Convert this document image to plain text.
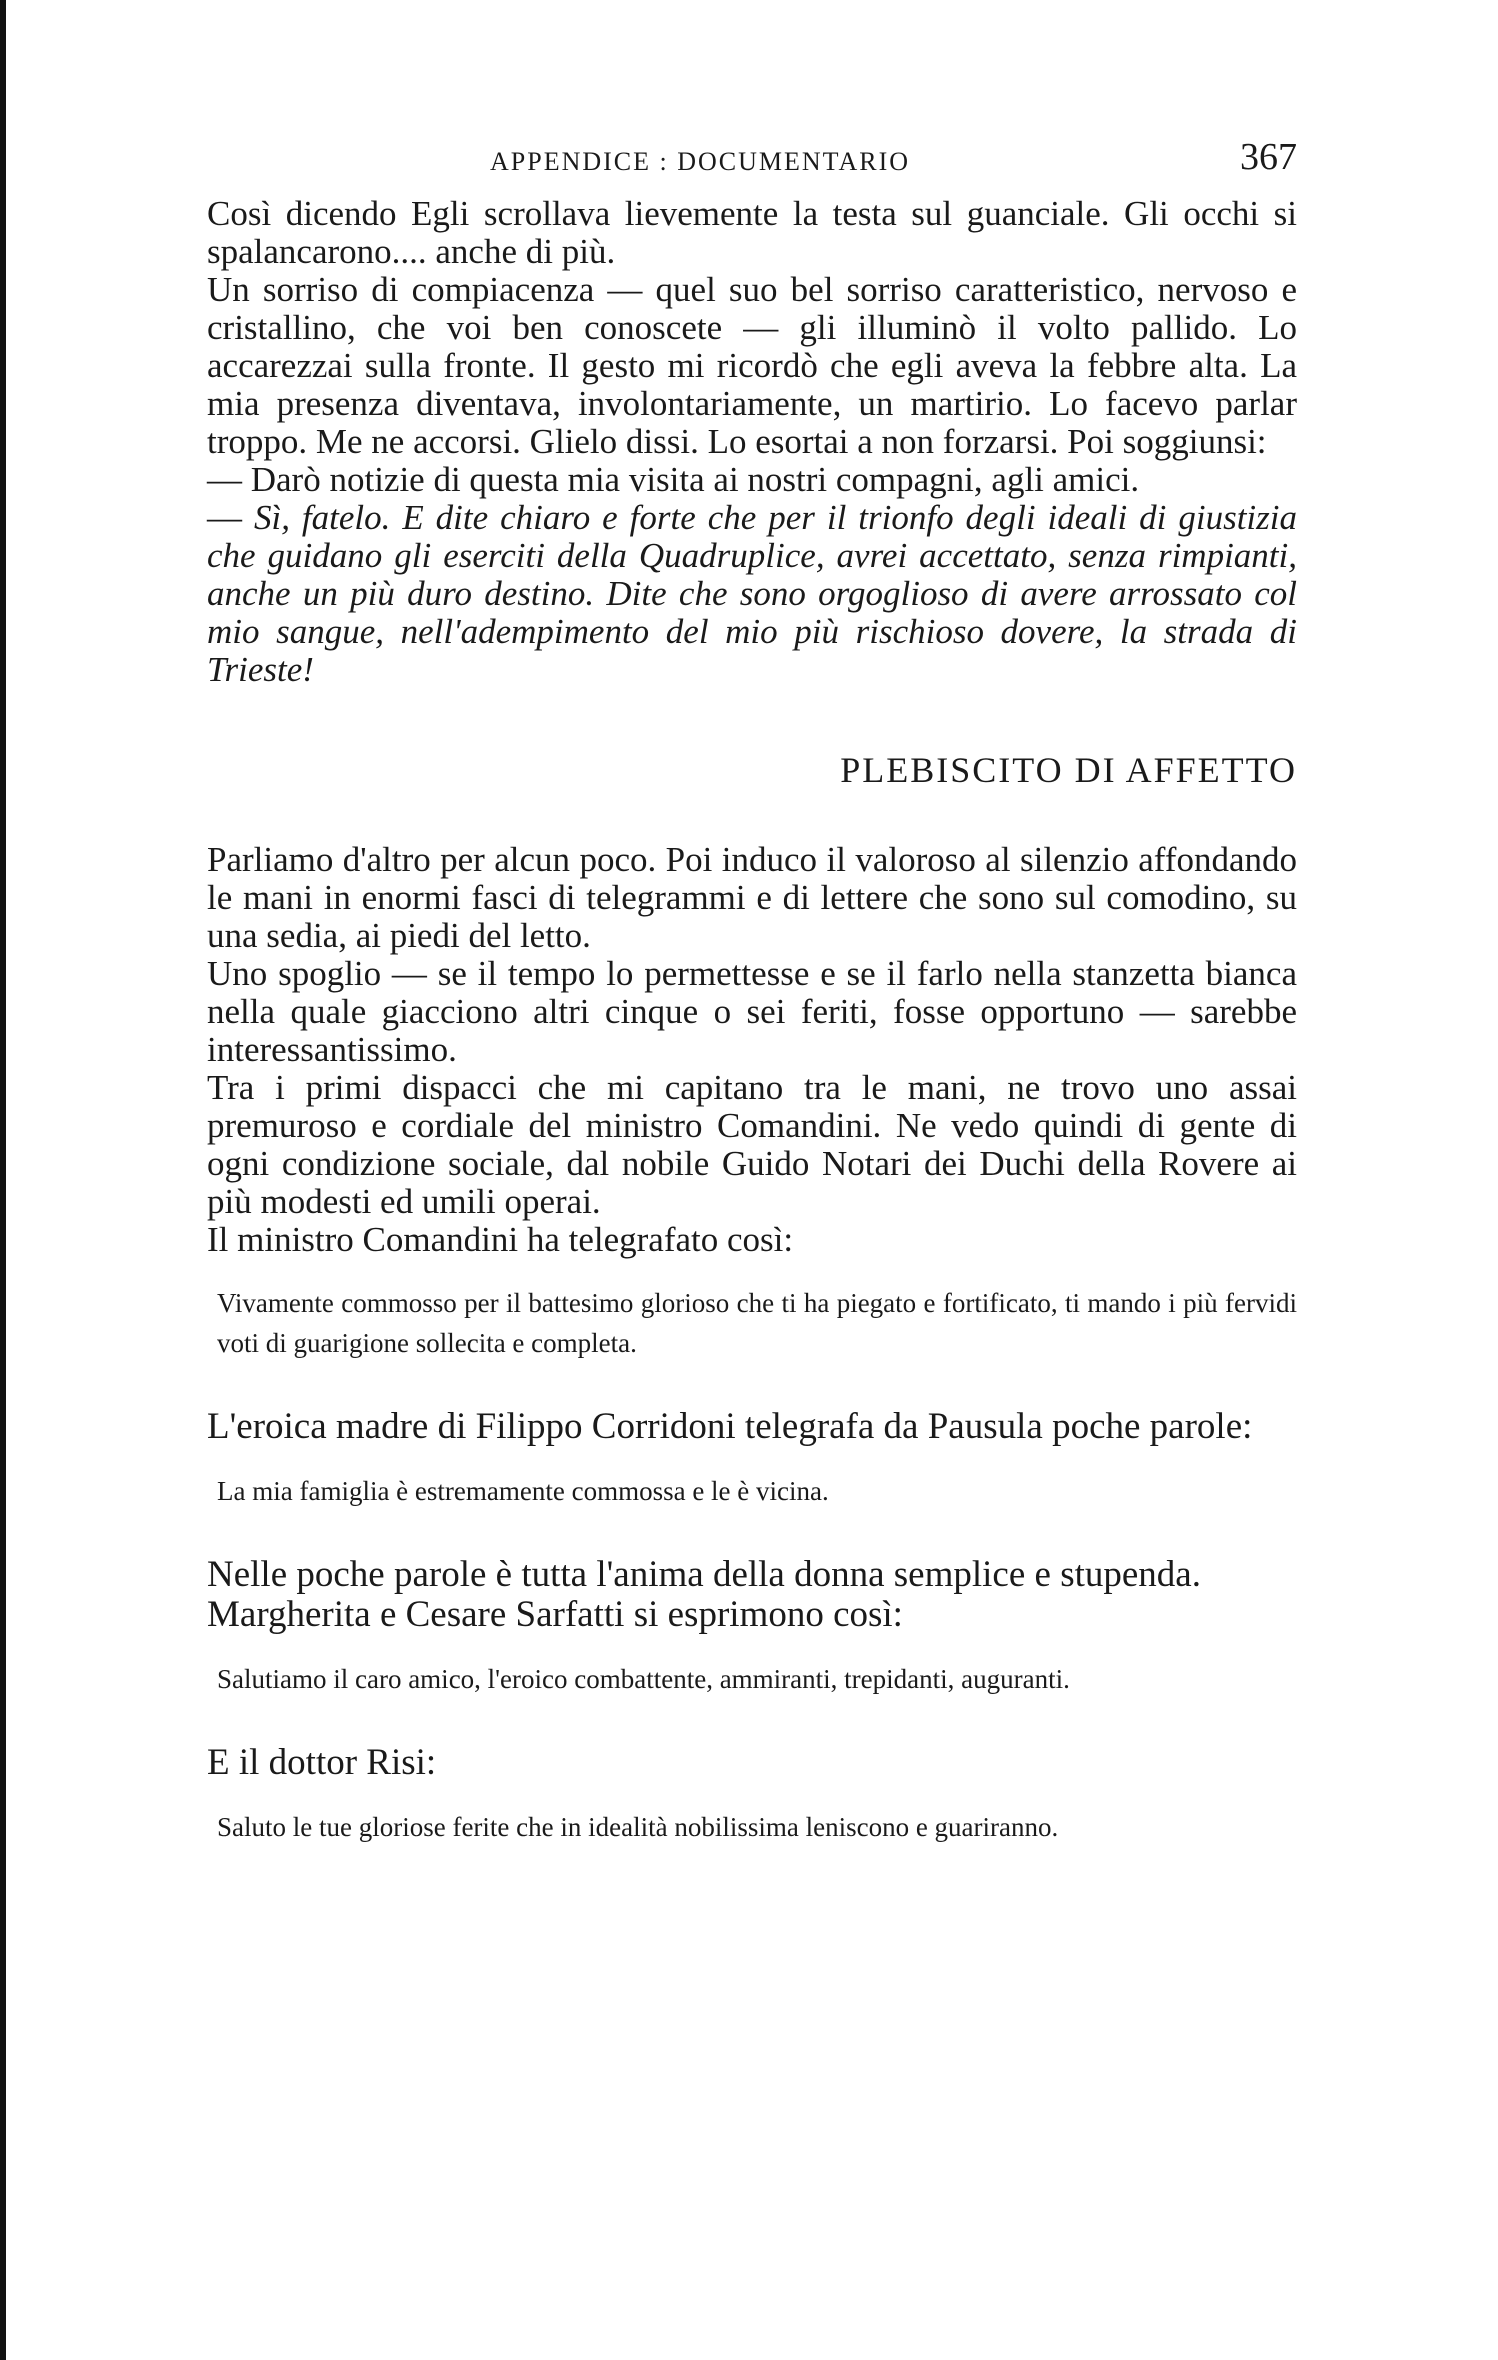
APPENDICE : DOCUMENTARIO	367

Così dicendo Egli scrollava lievemente la testa sul guanciale. Gli occhi si spalancarono.... anche di più.

Un sorriso di compiacenza — quel suo bel sorriso caratteristico, nervoso e cristallino, che voi ben conoscete — gli illuminò il volto pallido. Lo accarezzai sulla fronte. Il gesto mi ricordò che egli aveva la febbre alta. La mia presenza diventava, involontariamente, un martirio. Lo facevo parlar troppo. Me ne accorsi. Glielo dissi. Lo esortai a non forzarsi. Poi soggiunsi:

— Darò notizie di questa mia visita ai nostri compagni, agli amici.

— Sì, fatelo. E dite chiaro e forte che per il trionfo degli ideali di giustizia che guidano gli eserciti della Quadruplice, avrei accettato, senza rimpianti, anche un più duro destino. Dite che sono orgoglioso di avere arrossato col mio sangue, nell'adempimento del mio più rischioso dovere, la strada di Trieste!

PLEBISCITO DI AFFETTO

Parliamo d'altro per alcun poco. Poi induco il valoroso al silenzio affondando le mani in enormi fasci di telegrammi e di lettere che sono sul comodino, su una sedia, ai piedi del letto.

Uno spoglio — se il tempo lo permettesse e se il farlo nella stanzetta bianca nella quale giacciono altri cinque o sei feriti, fosse opportuno — sarebbe interessantissimo.

Tra i primi dispacci che mi capitano tra le mani, ne trovo uno assai premuroso e cordiale del ministro Comandini. Ne vedo quindi di gente di ogni condizione sociale, dal nobile Guido Notari dei Duchi della Rovere ai più modesti ed umili operai.

Il ministro Comandini ha telegrafato così:

Vivamente commosso per il battesimo glorioso che ti ha piegato e fortificato, ti mando i più fervidi voti di guarigione sollecita e completa.

L'eroica madre di Filippo Corridoni telegrafa da Pausula poche parole:

La mia famiglia è estremamente commossa e le è vicina.

Nelle poche parole è tutta l'anima della donna semplice e stupenda.

Margherita e Cesare Sarfatti si esprimono così:

Salutiamo il caro amico, l'eroico combattente, ammiranti, trepidanti, auguranti.

E il dottor Risi:

Saluto le tue gloriose ferite che in idealità nobilissima leniscono e guariranno.
